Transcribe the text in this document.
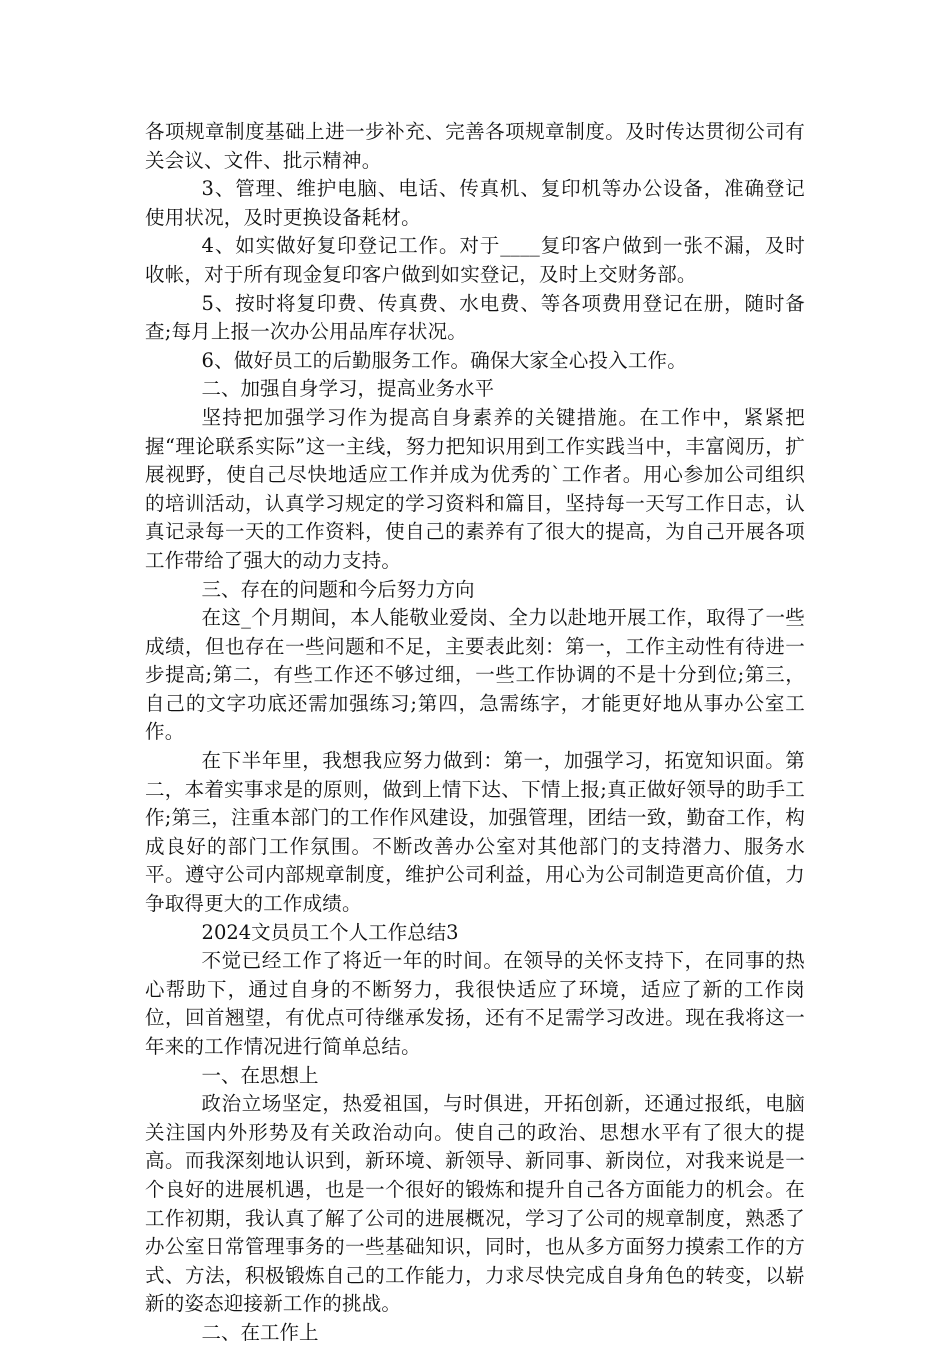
各项规章制度基础上进一步补充、完善各项规章制度。及时传达贯彻公司有关会议、文件、批示精神。

3、管理、维护电脑、电话、传真机、复印机等办公设备，准确登记使用状况，及时更换设备耗材。

4、如实做好复印登记工作。对于____复印客户做到一张不漏，及时收帐，对于所有现金复印客户做到如实登记，及时上交财务部。

5、按时将复印费、传真费、水电费、等各项费用登记在册，随时备查;每月上报一次办公用品库存状况。

6、做好员工的后勤服务工作。确保大家全心投入工作。

二、加强自身学习，提高业务水平

坚持把加强学习作为提高自身素养的关键措施。在工作中，紧紧把握“理论联系实际”这一主线，努力把知识用到工作实践当中，丰富阅历，扩展视野，使自己尽快地适应工作并成为优秀的`工作者。用心参加公司组织的培训活动，认真学习规定的学习资料和篇目，坚持每一天写工作日志，认真记录每一天的工作资料，使自己的素养有了很大的提高，为自己开展各项工作带给了强大的动力支持。

三、存在的问题和今后努力方向

在这_个月期间，本人能敬业爱岗、全力以赴地开展工作，取得了一些成绩，但也存在一些问题和不足，主要表此刻：第一，工作主动性有待进一步提高;第二，有些工作还不够过细，一些工作协调的不是十分到位;第三，自己的文字功底还需加强练习;第四，急需练字，才能更好地从事办公室工作。

在下半年里，我想我应努力做到：第一，加强学习，拓宽知识面。第二，本着实事求是的原则，做到上情下达、下情上报;真正做好领导的助手工作;第三，注重本部门的工作作风建设，加强管理，团结一致，勤奋工作，构成良好的部门工作氛围。不断改善办公室对其他部门的支持潜力、服务水平。遵守公司内部规章制度，维护公司利益，用心为公司制造更高价值，力争取得更大的工作成绩。

2024文员员工个人工作总结3

不觉已经工作了将近一年的时间。在领导的关怀支持下，在同事的热心帮助下，通过自身的不断努力，我很快适应了环境，适应了新的工作岗位，回首翘望，有优点可待继承发扬，还有不足需学习改进。现在我将这一年来的工作情况进行简单总结。

一、在思想上

政治立场坚定，热爱祖国，与时俱进，开拓创新，还通过报纸，电脑关注国内外形势及有关政治动向。使自己的政治、思想水平有了很大的提高。而我深刻地认识到，新环境、新领导、新同事、新岗位，对我来说是一个良好的进展机遇，也是一个很好的锻炼和提升自己各方面能力的机会。在工作初期，我认真了解了公司的进展概况，学习了公司的规章制度，熟悉了办公室日常管理事务的一些基础知识，同时，也从多方面努力摸索工作的方式、方法，积极锻炼自己的工作能力，力求尽快完成自身角色的转变，以崭新的姿态迎接新工作的挑战。

二、在工作上
